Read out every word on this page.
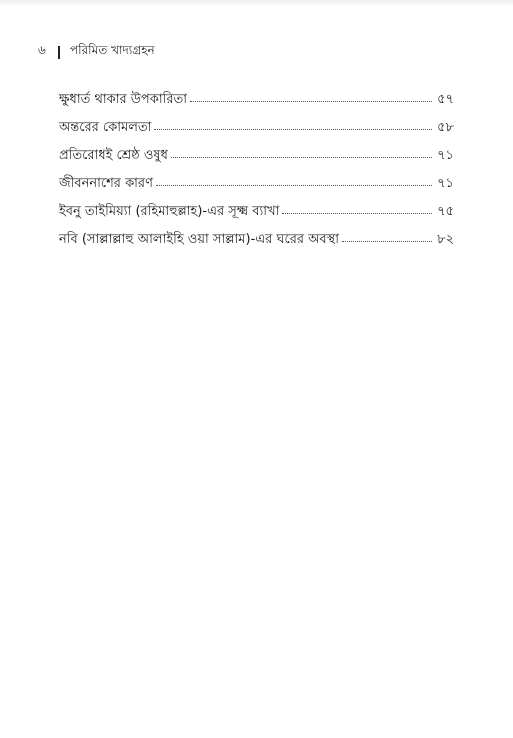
৬	পরিমিত খাদ্যগ্রহন
ক্ষুধার্ত থাকার উপকারিতা	৫৭
অন্তরের কোমলতা	৫৮
প্রতিরোধই শ্রেষ্ঠ ওষুধ	৭১
জীবননাশের কারণ	৭১
ইবনু তাইমিয়্যা (রহিমাহুল্লাহ)-এর সূক্ষ্ম ব্যাখা	৭৫
নবি (সাল্লাল্লাহু আলাইহি ওয়া সাল্লাম)-এর ঘরের অবস্থা	৮২
